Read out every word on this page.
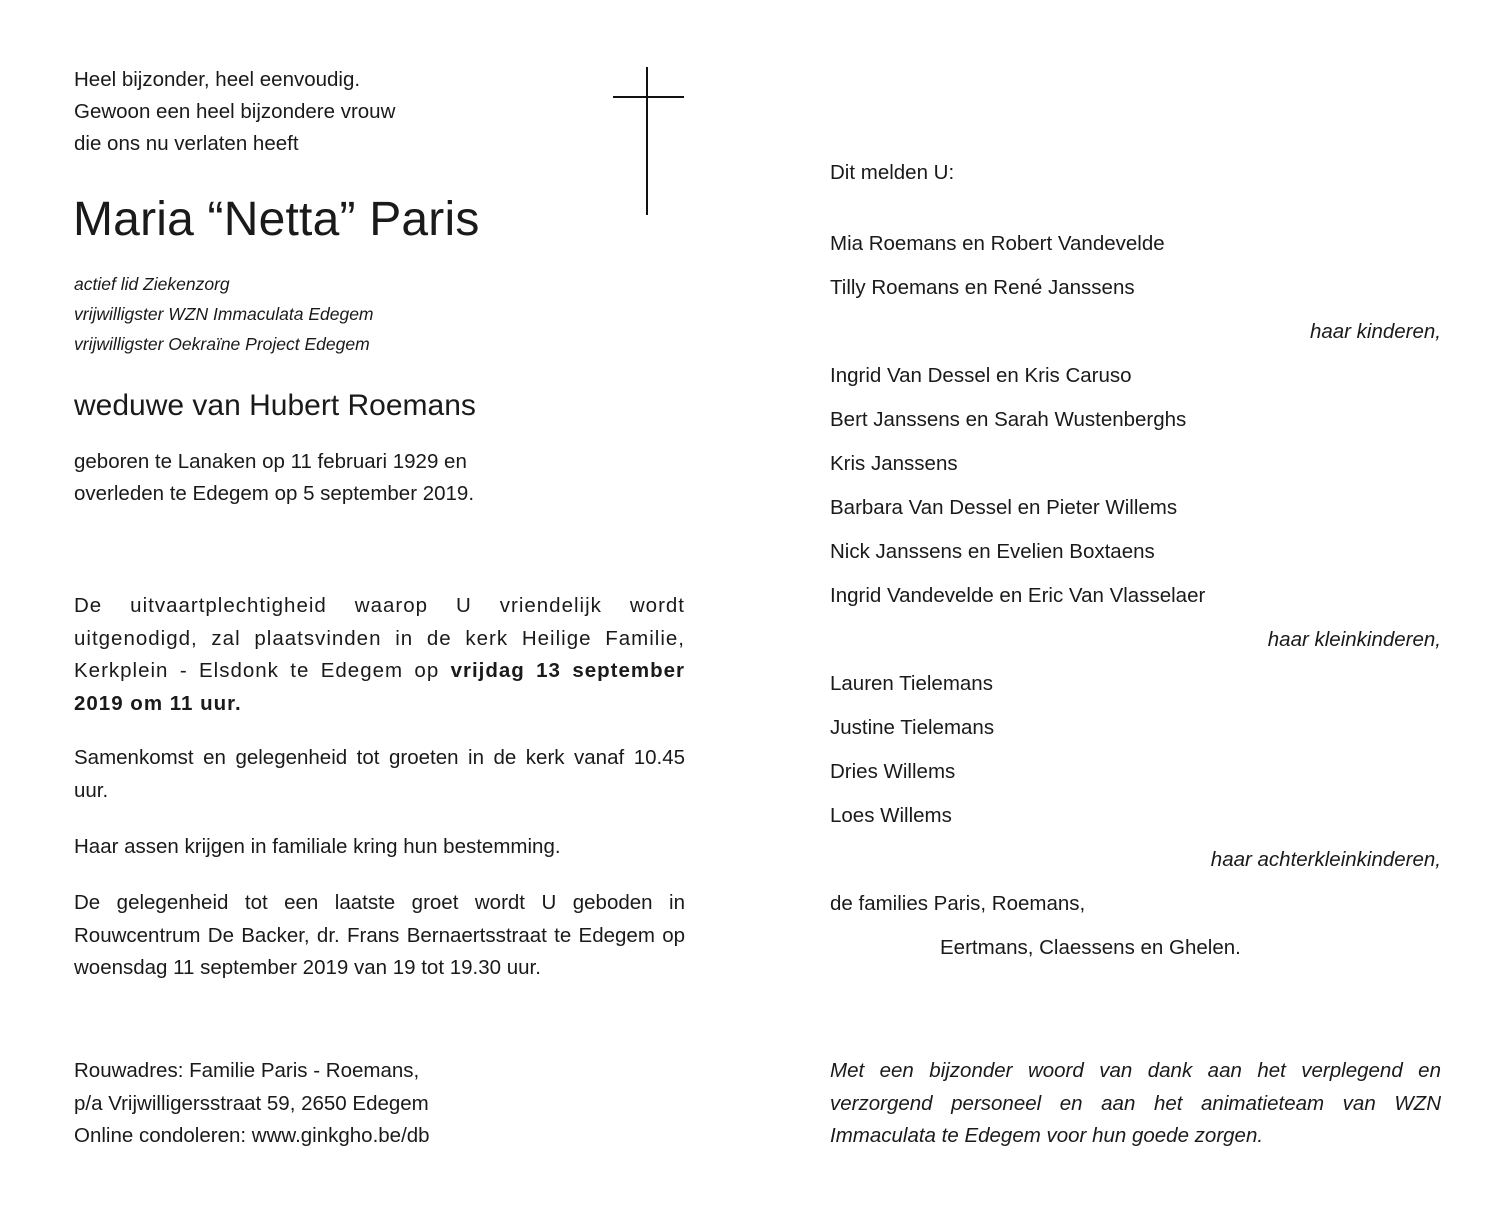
Heel bijzonder, heel eenvoudig.
Gewoon een heel bijzondere vrouw
die ons nu verlaten heeft
Maria “Netta” Paris
actief lid Ziekenzorg
vrijwilligster WZN Immaculata Edegem
vrijwilligster Oekraïne Project Edegem
weduwe van Hubert Roemans
geboren te Lanaken op 11 februari 1929 en
overleden te Edegem op 5 september 2019.
De uitvaartplechtigheid waarop U vriendelijk wordt uitgenodigd, zal plaatsvinden in de kerk Heilige Familie, Kerkplein - Elsdonk te Edegem op vrijdag 13 september 2019 om 11 uur.
Samenkomst en gelegenheid tot groeten in de kerk vanaf 10.45 uur.
Haar assen krijgen in familiale kring hun bestemming.
De gelegenheid tot een laatste groet wordt U geboden in Rouwcentrum De Backer, dr. Frans Bernaertsstraat te Edegem op woensdag 11 september 2019 van 19 tot 19.30 uur.
Rouwadres: Familie Paris - Roemans,
p/a Vrijwilligersstraat 59, 2650 Edegem
Online condoleren: www.ginkgho.be/db
Dit melden U:
Mia Roemans en Robert Vandevelde
Tilly Roemans en René Janssens
haar kinderen,
Ingrid Van Dessel en Kris Caruso
Bert Janssens en Sarah Wustenberghs
Kris Janssens
Barbara Van Dessel en Pieter Willems
Nick Janssens en Evelien Boxtaens
Ingrid Vandevelde en Eric Van Vlasselaer
haar kleinkinderen,
Lauren Tielemans
Justine Tielemans
Dries Willems
Loes Willems
haar achterkleinkinderen,
de families Paris, Roemans,
Eertmans, Claessens en Ghelen.
Met een bijzonder woord van dank aan het verplegend en verzorgend personeel en aan het animatieteam van WZN Immaculata te Edegem voor hun goede zorgen.
